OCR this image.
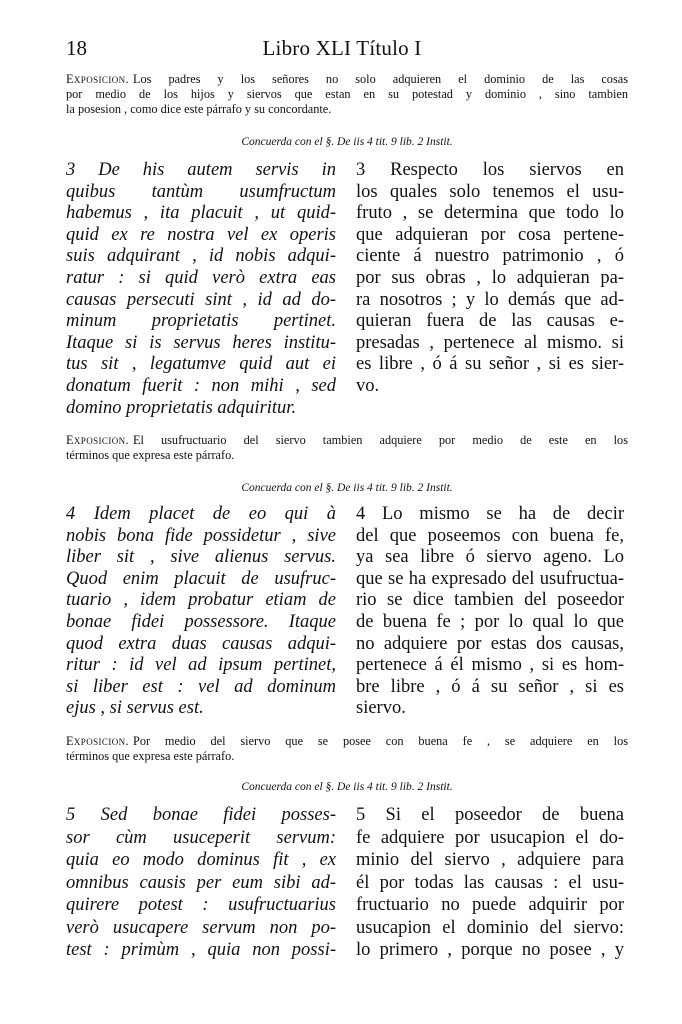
18	Libro XLI Título I
Exposicion. Los padres y los señores no solo adquieren el dominio de las cosas
por medio de los hijos y siervos que estan en su potestad y dominio , sino tambien
la posesion , como dice este párrafo y su concordante.
Concuerda con el §. De iis 4 tit. 9 lib. 2 Instit.
3 De his autem servis in
quibus tantùm usumfructum
habemus , ita placuit , ut quid-
quid ex re nostra vel ex operis
suis adquirant , id nobis adqui-
ratur : si quid verò extra eas
causas persecuti sint , id ad do-
minum proprietatis pertinet.
Itaque si is servus heres institu-
tus sit , legatumve quid aut ei
donatum fuerit : non mihi , sed
domino proprietatis adquiritur.
3 Respecto los siervos en
los quales solo tenemos el usu-
fruto , se determina que todo lo
que adquieran por cosa pertene-
ciente á nuestro patrimonio , ó
por sus obras , lo adquieran pa-
ra nosotros ; y lo demás que ad-
quieran fuera de las causas e-
presadas , pertenece al mismo. si
es libre , ó á su señor , si es sier-
vo.
Exposicion. El usufructuario del siervo tambien adquiere por medio de este en los
términos que expresa este párrafo.
Concuerda con el §. De iis 4 tit. 9 lib. 2 Instit.
4 Idem placet de eo qui à
nobis bona fide possidetur , sive
liber sit , sive alienus servus.
Quod enim placuit de usufruc-
tuario , idem probatur etiam de
bonae fidei possessore. Itaque
quod extra duas causas adqui-
ritur : id vel ad ipsum pertinet,
si liber est : vel ad dominum
ejus , si servus est.
4 Lo mismo se ha de decir
del que poseemos con buena fe,
ya sea libre ó siervo ageno. Lo
que se ha expresado del usufructua-
rio se dice tambien del poseedor
de buena fe ; por lo qual lo que
no adquiere por estas dos causas,
pertenece á él mismo , si es hom-
bre libre , ó á su señor , si es
siervo.
Exposicion. Por medio del siervo que se posee con buena fe , se adquiere en los
términos que expresa este párrafo.
Concuerda con el §. De iis 4 tit. 9 lib. 2 Instit.
5 Sed bonae fidei posses-
sor cùm usuceperit servum:
quia eo modo dominus fit , ex
omnibus causis per eum sibi ad-
quirere potest : usufructuarius
verò usucapere servum non po-
test : primùm , quia non possi-
5 Si el poseedor de buena
fe adquiere por usucapion el do-
minio del siervo , adquiere para
él por todas las causas : el usu-
fructuario no puede adquirir por
usucapion el dominio del siervo:
lo primero , porque no posee , y
